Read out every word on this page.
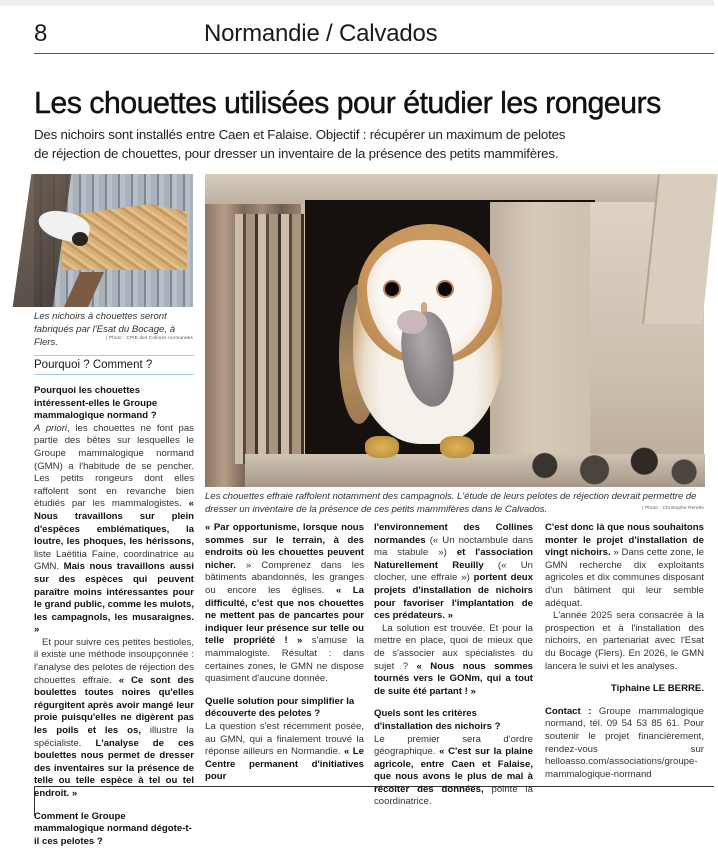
8	Normandie / Calvados
Les chouettes utilisées pour étudier les rongeurs
Des nichoirs sont installés entre Caen et Falaise. Objectif : récupérer un maximum de pelotes
de réjection de chouettes, pour dresser un inventaire de la présence des petits mammifères.
Les nichoirs à chouettes seront fabriqués par l'Esat du Bocage, à Flers.	| Photo : CPIE des Collines normandes
Pourquoi ? Comment ?
Les chouettes effraie raffolent notamment des campagnols. L'étude de leurs pelotes de réjection devrait permettre de dresser un inventaire de la présence de ces petits mammifères dans le Calvados.	| Photo : Christophe Perelle

Pourquoi les chouettes intéressent-elles le Groupe mammalogique normand ?

A priori, les chouettes ne font pas partie des bêtes sur lesquelles le Groupe mammalogique normand (GMN) a l'habitude de se pencher. Les petits rongeurs dont elles raffolent sont en revanche bien étudiés par les mammalogistes. « Nous travaillons sur plein d'espèces emblématiques, la loutre, les phoques, les hérissons, liste Laëtitia Faine, coordinatrice au GMN. Mais nous travaillons aussi sur des espèces qui peuvent paraître moins intéressantes pour le grand public, comme les mulots, les campagnols, les musaraignes. »

Et pour suivre ces petites bestioles, il existe une méthode insoupçonnée : l'analyse des pelotes de réjection des chouettes effraie. « Ce sont des boulettes toutes noires qu'elles régurgitent après avoir mangé leur proie puisqu'elles ne digèrent pas les poils et les os, illustre la spécialiste. L'analyse de ces boulettes nous permet de dresser des inventaires sur la présence de telle ou telle espèce à tel ou tel endroit. »

Comment le Groupe mammalogique normand dégote-t-il ces pelotes ?

« Par opportunisme, lorsque nous sommes sur le terrain, à des endroits où les chouettes peuvent nicher. » Comprenez dans les bâtiments abandonnés, les granges ou encore les églises. « La difficulté, c'est que nos chouettes ne mettent pas de pancartes pour indiquer leur présence sur telle ou telle propriété ! » s'amuse la mammalogiste. Résultat : dans certaines zones, le GMN ne dispose quasiment d'aucune donnée.

Quelle solution pour simplifier la découverte des pelotes ?

La question s'est récemment posée, au GMN, qui a finalement trouvé la réponse ailleurs en Normandie. « Le Centre permanent d'initiatives pour

l'environnement des Collines normandes (« Un noctambule dans ma stabule ») et l'association Naturellement Reuilly (« Un clocher, une effraie ») portent deux projets d'installation de nichoirs pour favoriser l'implantation de ces prédateurs. »

La solution est trouvée. Et pour la mettre en place, quoi de mieux que de s'associer aux spécialistes du sujet ? « Nous nous sommes tournés vers le GONm, qui a tout de suite été partant ! »

Quels sont les critères d'installation des nichoirs ?

Le premier sera d'ordre géographique. « C'est sur la plaine agricole, entre Caen et Falaise, que nous avons le plus de mal à récolter des données, pointe la coordinatrice.

C'est donc là que nous souhaitons monter le projet d'installation de vingt nichoirs. » Dans cette zone, le GMN recherche dix exploitants agricoles et dix communes disposant d'un bâtiment qui leur semble adéquat.

L'année 2025 sera consacrée à la prospection et à l'installation des nichoirs, en partenariat avec l'Esat du Bocage (Flers). En 2026, le GMN lancera le suivi et les analyses.

Tiphaine LE BERRE.

Contact : Groupe mammalogique normand, tél. 09 54 53 85 61. Pour soutenir le projet financièrement, rendez-vous sur helloasso.com/associations/groupe-mammalogique-normand
